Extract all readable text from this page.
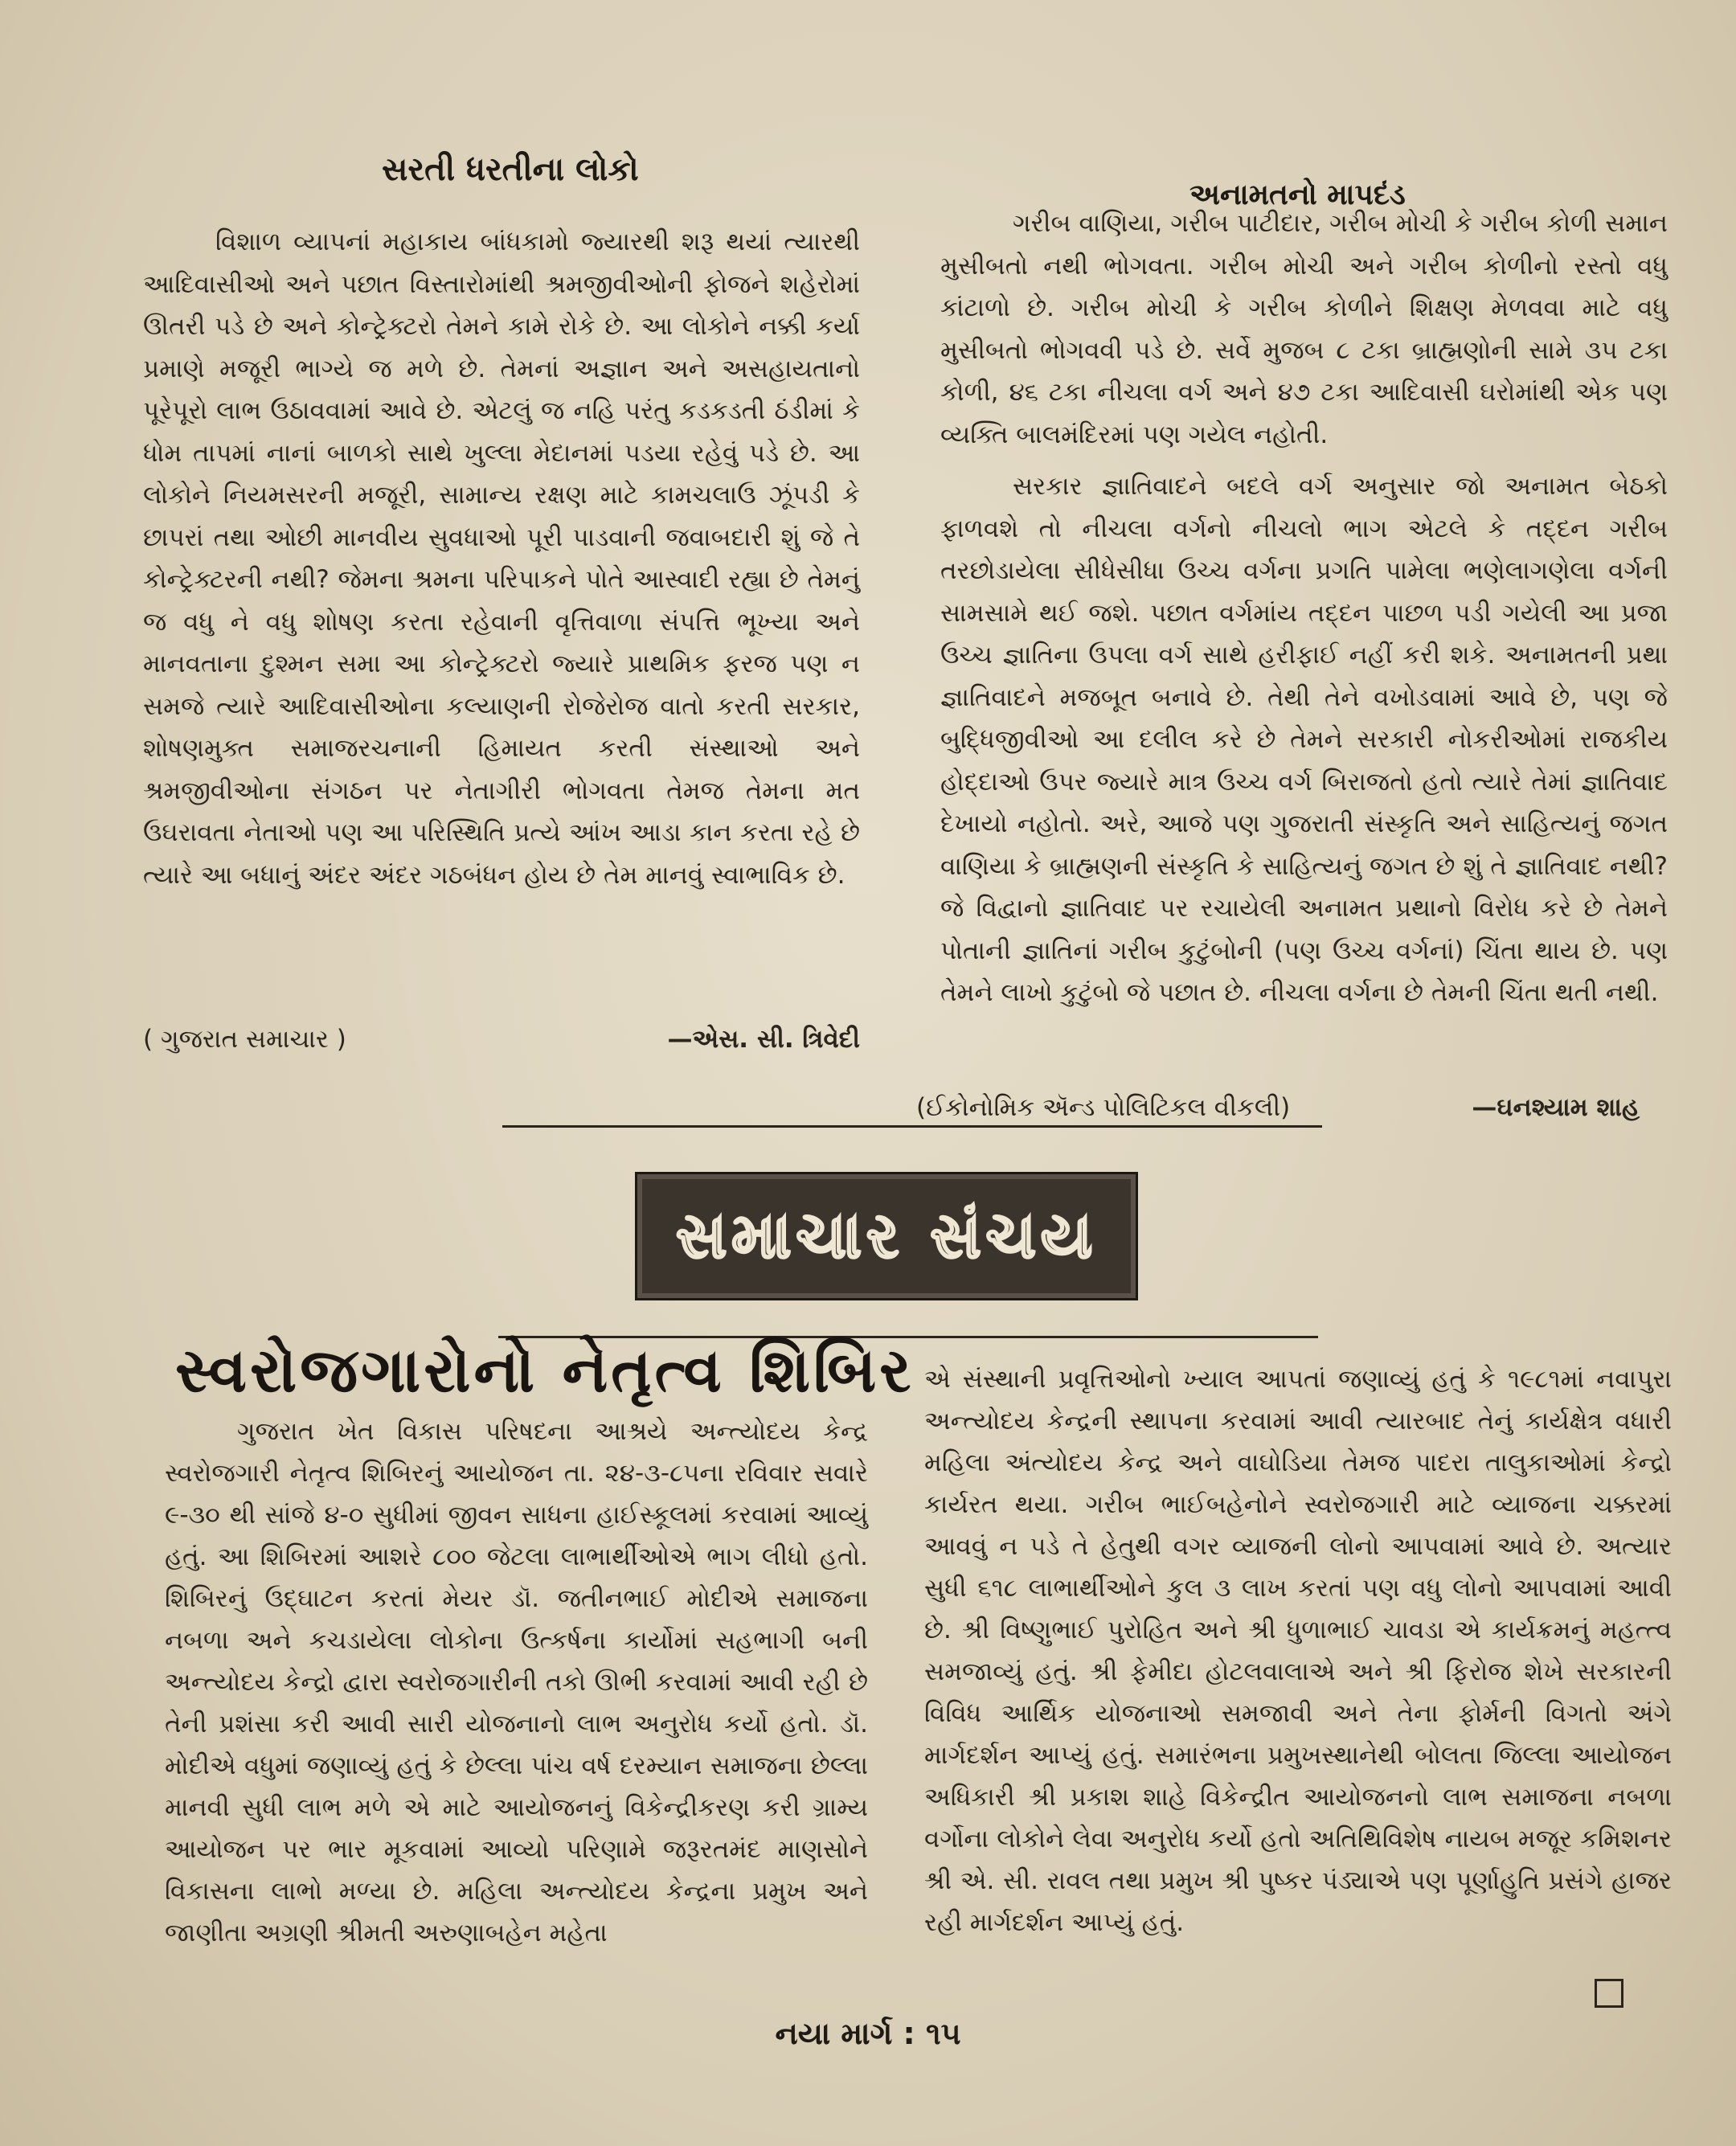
સરતી ધરતીના લોકો

વિશાળ વ્યાપનાં મહાકાય બાંધકામો જ્યારથી શરૂ થયાં ત્યારથી આદિવાસીઓ અને પછાત વિસ્તારોમાંથી શ્રમજીવીઓની ફોજને શહેરોમાં ઊતરી પડે છે અને કોન્ટ્રેક્ટરો તેમને કામે રોકે છે. આ લોકોને નક્કી કર્યા પ્રમાણે મજૂરી ભાગ્યે જ મળે છે. તેમનાં અજ્ઞાન અને અસહાયતાનો પૂરેપૂરો લાભ ઉઠાવવામાં આવે છે. એટલું જ નહિ પરંતુ કડકડતી ઠંડીમાં કે ધોમ તાપમાં નાનાં બાળકો સાથે ખુલ્લા મેદાનમાં પડયા રહેવું પડે છે. આ લોકોને નિયમસરની મજૂરી, સામાન્ય રક્ષણ માટે કામચલાઉ ઝૂંપડી કે છાપરાં તથા ઓછી માનવીય સુવધાઓ પૂરી પાડવાની જવાબદારી શું જે તે કોન્ટ્રેક્ટરની નથી? જેમના શ્રમના પરિપાકને પોતે આસ્વાદી રહ્યા છે તેમનું જ વધુ ને વધુ શોષણ કરતા રહેવાની વૃત્તિવાળા સંપત્તિ ભૂખ્યા અને માનવતાના દુશ્મન સમા આ કોન્ટ્રેક્ટરો જ્યારે પ્રાથમિક ફરજ પણ ન સમજે ત્યારે આદિવાસીઓના કલ્યાણની રોજેરોજ વાતો કરતી સરકાર, શોષણમુક્ત સમાજરચનાની હિમાયત કરતી સંસ્થાઓ અને શ્રમજીવીઓના સંગઠન પર નેતાગીરી ભોગવતા તેમજ તેમના મત ઉઘરાવતા નેતાઓ પણ આ પરિસ્થિતિ પ્રત્યે આંખ આડા કાન કરતા રહે છે ત્યારે આ બધાનું અંદર અંદર ગઠબંધન હોય છે તેમ માનવું સ્વાભાવિક છે.

( ગુજરાત સમાચાર )	—એસ. સી. ત્રિવેદી
અનામતનો માપદંડ

ગરીબ વાણિયા, ગરીબ પાટીદાર, ગરીબ મોચી કે ગરીબ કોળી સમાન મુસીબતો નથી ભોગવતા. ગરીબ મોચી અને ગરીબ કોળીનો રસ્તો વધુ કાંટાળો છે. ગરીબ મોચી કે ગરીબ કોળીને શિક્ષણ મેળવવા માટે વધુ મુસીબતો ભોગવવી પડે છે. સર્વે મુજબ ૮ ટકા બ્રાહ્મણોની સામે ૩૫ ટકા કોળી, ૪૬ ટકા નીચલા વર્ગ અને ૪૭ ટકા આદિવાસી ઘરોમાંથી એક પણ વ્યક્તિ બાલમંદિરમાં પણ ગયેલ નહોતી.

સરકાર જ્ઞાતિવાદને બદલે વર્ગ અનુસાર જો અનામત બેઠકો ફાળવશે તો નીચલા વર્ગનો નીચલો ભાગ એટલે કે તદ્દન ગરીબ તરછોડાયેલા સીધેસીધા ઉચ્ચ વર્ગના પ્રગતિ પામેલા ભણેલાગણેલા વર્ગની સામસામે થઈ જશે. પછાત વર્ગમાંય તદ્દન પાછળ પડી ગયેલી આ પ્રજા ઉચ્ચ જ્ઞાતિના ઉપલા વર્ગ સાથે હરીફાઈ નહીં કરી શકે. અનામતની પ્રથા જ્ઞાતિવાદને મજબૂત બનાવે છે. તેથી તેને વખોડવામાં આવે છે, પણ જે બુદ્ધિજીવીઓ આ દલીલ કરે છે તેમને સરકારી નોકરીઓમાં રાજકીય હોદ્દાઓ ઉપર જ્યારે માત્ર ઉચ્ચ વર્ગ બિરાજતો હતો ત્યારે તેમાં જ્ઞાતિવાદ દેખાયો નહોતો. અરે, આજે પણ ગુજરાતી સંસ્કૃતિ અને સાહિત્યનું જગત વાણિયા કે બ્રાહ્મણની સંસ્કૃતિ કે સાહિત્યનું જગત છે શું તે જ્ઞાતિવાદ નથી? જે વિદ્વાનો જ્ઞાતિવાદ પર રચાયેલી અનામત પ્રથાનો વિરોધ કરે છે તેમને પોતાની જ્ઞાતિનાં ગરીબ કુટુંબોની (પણ ઉચ્ચ વર્ગનાં) ચિંતા થાય છે. પણ તેમને લાખો કુટુંબો જે પછાત છે. નીચલા વર્ગના છે તેમની ચિંતા થતી નથી.

(ઈકોનોમિક ઍન્ડ પોલિટિકલ વીકલી)	—ઘનશ્યામ શાહ
સમાચાર સંચય
સ્વરોજગારોનો નેતૃત્વ શિબિર

ગુજરાત ખેત વિકાસ પરિષદના આશ્રયે અન્ત્યોદય કેન્દ્ર સ્વરોજગારી નેતૃત્વ શિબિરનું આયોજન તા. ૨૪-૩-૮૫ના રવિવાર સવારે ૯-૩૦ થી સાંજે ૪-૦ સુધીમાં જીવન સાધના હાઈસ્કૂલમાં કરવામાં આવ્યું હતું. આ શિબિરમાં આશરે ૮૦૦ જેટલા લાભાર્થીઓએ ભાગ લીધો હતો. શિબિરનું ઉદ્ઘાટન કરતાં મેયર ડૉ. જતીનભાઈ મોદીએ સમાજના નબળા અને કચડાયેલા લોકોના ઉત્કર્ષના કાર્યોમાં સહભાગી બની અન્ત્યોદય કેન્દ્રો દ્વારા સ્વરોજગારીની તકો ઊભી કરવામાં આવી રહી છે તેની પ્રશંસા કરી આવી સારી યોજનાનો લાભ અનુરોધ કર્યો હતો. ડૉ. મોદીએ વધુમાં જણાવ્યું હતું કે છેલ્લા પાંચ વર્ષ દરમ્યાન સમાજના છેલ્લા માનવી સુધી લાભ મળે એ માટે આયોજનનું વિકેન્દ્રીકરણ કરી ગ્રામ્ય આયોજન પર ભાર મૂકવામાં આવ્યો પરિણામે જરૂરતમંદ માણસોને વિકાસના લાભો મળ્યા છે. મહિલા અન્ત્યોદય કેન્દ્રના પ્રમુખ અને જાણીતા અગ્રણી શ્રીમતી અરુણાબહેન મહેતા

એ સંસ્થાની પ્રવૃત્તિઓનો ખ્યાલ આપતાં જણાવ્યું હતું કે ૧૯૮૧માં નવાપુરા અન્ત્યોદય કેન્દ્રની સ્થાપના કરવામાં આવી ત્યારબાદ તેનું કાર્યક્ષેત્ર વધારી મહિલા અંત્યોદય કેન્દ્ર અને વાઘોડિયા તેમજ પાદરા તાલુકાઓમાં કેન્દ્રો કાર્યરત થયા. ગરીબ ભાઈબહેનોને સ્વરોજગારી માટે વ્યાજના ચક્કરમાં આવવું ન પડે તે હેતુથી વગર વ્યાજની લોનો આપવામાં આવે છે. અત્યાર સુધી ૬૧૮ લાભાર્થીઓને કુલ ૩ લાખ કરતાં પણ વધુ લોનો આપવામાં આવી છે. શ્રી વિષ્ણુભાઈ પુરોહિત અને શ્રી ધુળાભાઈ ચાવડા એ કાર્યક્રમનું મહત્ત્વ સમજાવ્યું હતું. શ્રી ફેમીદા હોટલવાલાએ અને શ્રી ફિરોજ શેખે સરકારની વિવિધ આર્થિક યોજનાઓ સમજાવી અને તેના ફોર્મની વિગતો અંગે માર્ગદર્શન આપ્યું હતું. સમારંભના પ્રમુખસ્થાનેથી બોલતા જિલ્લા આયોજન અધિકારી શ્રી પ્રકાશ શાહે વિકેન્દ્રીત આયોજનનો લાભ સમાજના નબળા વર્ગોના લોકોને લેવા અનુરોધ કર્યો હતો અતિથિવિશેષ નાયબ મજૂર કમિશનર શ્રી એ. સી. રાવલ તથા પ્રમુખ શ્રી પુષ્કર પંડ્યાએ પણ પૂર્ણાહુતિ પ્રસંગે હાજર રહી માર્ગદર્શન આપ્યું હતું.

નયા માર્ગ : ૧૫
